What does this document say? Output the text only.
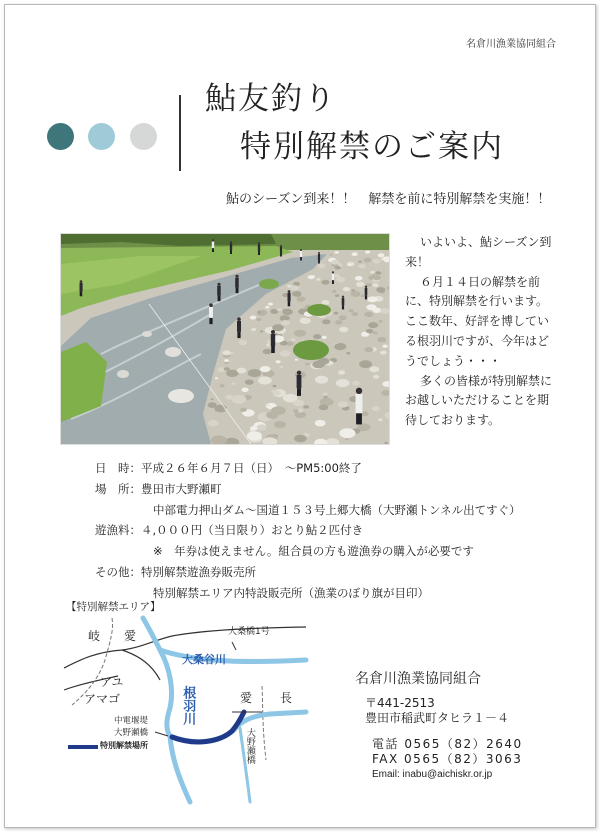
名倉川漁業協同組合
鮎友釣り
特別解禁のご案内
鮎のシーズン到来！！　解禁を前に特別解禁を実施！！
いよいよ、鮎シーズン到
来！
６月１４日の解禁を前
に、特別解禁を行います。
ここ数年、好評を博してい
る根羽川ですが、今年はど
うでしょう・・・
多くの皆様が特別解禁に
お越しいただけることを期
待しております。
日　時：平成２６年６月７日（日）　～PM5:00終了
場　所：豊田市大野瀬町
中部電力押山ダム～国道１５３号上郷大橋（大野瀬トンネル出てすぐ）
遊漁料：４,０００円（当日限り）おとり鮎２匹付き
※　年券は使えません。組合員の方も遊漁券の購入が必要です
その他：特別解禁遊漁券販売所
特別解禁エリア内特設販売所（漁業のぼり旗が目印）
【特別解禁エリア】
岐 愛	大桑橋1号
大桑谷川
アユ
アマゴ	根羽川	愛 長
中電堰堤
大野瀬橋	大野瀬橋
特別解禁場所
名倉川漁業協同組合
〒441-2513
豊田市稲武町タヒラ１－４
電話 0565（82）2640
FAX 0565（82）3063
Email: inabu@aichiskr.or.jp
